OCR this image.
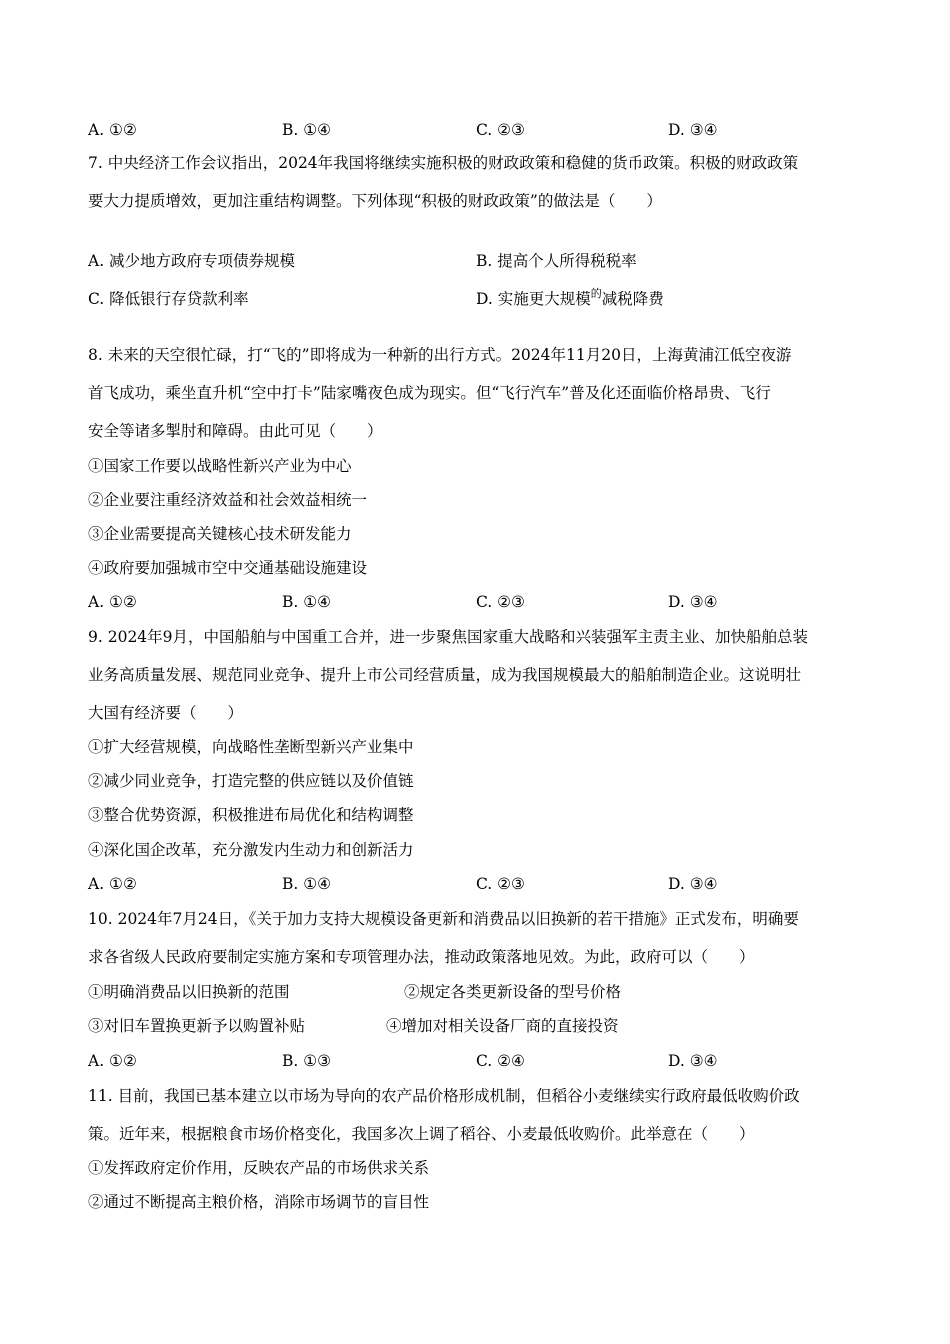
A. ①②	B. ①④	C. ②③	D. ③④
7. 中央经济工作会议指出，2024年我国将继续实施积极的财政政策和稳健的货币政策。积极的财政政策
要大力提质增效，更加注重结构调整。下列体现“积极的财政政策”的做法是（　　）
A. 减少地方政府专项债券规模	B. 提高个人所得税税率
C. 降低银行存贷款利率	D. 实施更大规模$^的$减税降费
8. 未来的天空很忙碌，打“飞的”即将成为一种新的出行方式。2024年11月20日，上海黄浦江低空夜游
首飞成功，乘坐直升机“空中打卡”陆家嘴夜色成为现实。但“飞行汽车”普及化还面临价格昂贵、飞行
安全等诸多掣肘和障碍。由此可见（　　）
①国家工作要以战略性新兴产业为中心
②企业要注重经济效益和社会效益相统一
③企业需要提高关键核心技术研发能力
④政府要加强城市空中交通基础设施建设
A. ①②	B. ①④	C. ②③	D. ③④
9. 2024年9月，中国船舶与中国重工合并，进一步聚焦国家重大战略和兴装强军主责主业、加快船舶总装
业务高质量发展、规范同业竞争、提升上市公司经营质量，成为我国规模最大的船舶制造企业。这说明壮
大国有经济要（　　）
①扩大经营规模，向战略性垄断型新兴产业集中
②减少同业竞争，打造完整的供应链以及价值链
③整合优势资源，积极推进布局优化和结构调整
④深化国企改革，充分激发内生动力和创新活力
A. ①②	B. ①④	C. ②③	D. ③④
10. 2024年7月24日，《关于加力支持大规模设备更新和消费品以旧换新的若干措施》正式发布，明确要
求各省级人民政府要制定实施方案和专项管理办法，推动政策落地见效。为此，政府可以（　　）
①明确消费品以旧换新的范围	②规定各类更新设备的型号价格
③对旧车置换更新予以购置补贴	④增加对相关设备厂商的直接投资
A. ①②	B. ①③	C. ②④	D. ③④
11. 目前，我国已基本建立以市场为导向的农产品价格形成机制，但稻谷小麦继续实行政府最低收购价政
策。近年来，根据粮食市场价格变化，我国多次上调了稻谷、小麦最低收购价。此举意在（　　）
①发挥政府定价作用，反映农产品的市场供求关系
②通过不断提高主粮价格，消除市场调节的盲目性
